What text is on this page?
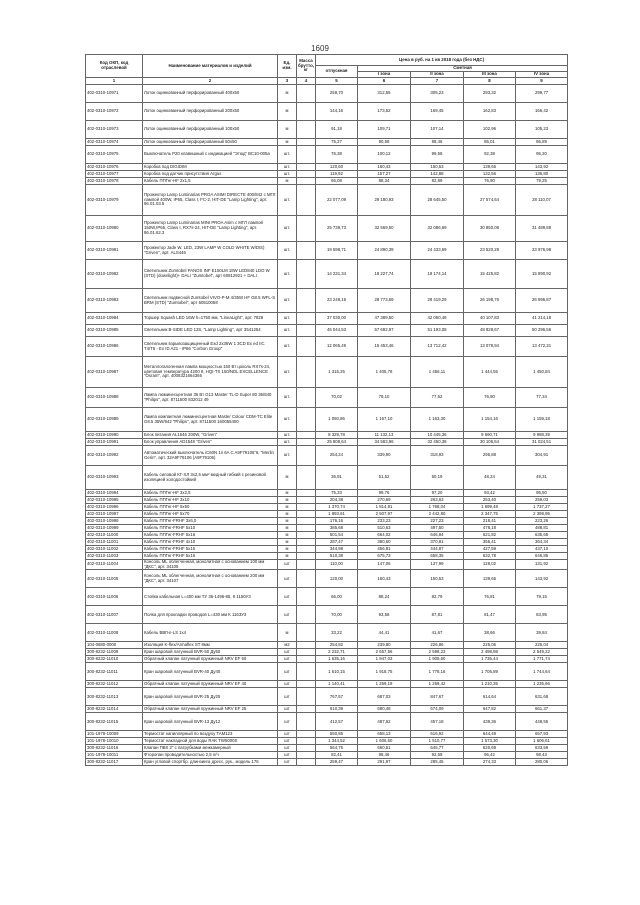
1609
Код ОКП, код отраслевой	Наименование материалов и изделий	Ед. изм.	Масса брутто, кг	Цена в руб. на 1 кв 2018 года (без НДС)				
				отпускная	Сметная			
					I зона	II зона	III зона	IV зона
1	2	3	4	5	6	7	8	9
402-0310-10971	Лоток оцинкованный перфорированный 400х50	м		259,70	312,55	305,23	293,32	299,77
402-0310-10972	Лоток оцинкованный перфорированный 200х50	м		144,16	173,52	169,45	162,83	166,42
402-0310-10973	Лоток оцинкованный перфорированный 100х50	м		91,18	109,71	107,14	102,96	105,23
402-0310-10974	Лоток оцинкованный перфорированный 50х50	м		75,27	90,59	88,46	85,01	86,89
402-0310-10975	Выключатель Р20 клавишный с индикацией "Этюд" ВС10-005а	шт.		76,38	100,12	99,58	92,38	95,20
402-0310-10976	Коробка под DIGIDIM	шт.		120,60	160,43	150,53	139,65	143,92
402-0310-10977	Коробка под датчик присутствия Argus	шт.		119,92	157,27	142,88	132,56	136,80
402-0310-10978	Кабель ППГнг-HF 2х1,5	м		65,08	88,34	82,89	76,90	79,25
402-0310-10979	Прожектор Lamp Luminarias PROA ASIMI DIRECTE 400/842 с МГЛ лампой 400W, IP65, Class I, FC-2, HIT-DE "Lamp Lighting", арт. 86.01.03.5	шт.		22 077,09	29 180,93	28 645,50	27 574,64	28 110,07
402-0310-10980	Прожектор Lamp Luminarias MINI PROA Asim с МГЛ лампой 150W,IP65, Class I, RX7s-24, HIT-DE "Lamp Lighting", арт. 86.01.62.3	шт.		25 739,73	32 569,50	32 086,69	30 850,08	31 489,88
402-0310-10981	Прожектор Jade W. LED, 23W LAMP W COLD WHITE W/DIS) "Griven", арт. ALS446	шт.		19 598,71	24 890,39	24 433,69	23 520,29	23 976,98
402-0310-10982	Светильник Zumtobel PANOS INF Е150LM 18W LED840 LDO W (STD) (downlight)+ DALI "Zumtobel", арт 60812921 + DALI	шт.		14 231,34	18 227,74	18 174,14	15 425,82	15 890,92
402-0310-10983	Светильник подвесной Zumtobel VIVO-P-M 4/35W HF G8.5 WFL-S BRM (STD) "Zumtobel", арт 60510058	шт.		23 248,19	28 773,69	28 419,29	26 198,76	26 996,87
402-0310-10984	Торшер Squash LED 16W h=1750 мм, "LineaLight", арт. 7828	шт.		37 030,00	47 389,50	42 050,48	40 107,83	41 214,18
402-0310-10985	Светильник B-SIDE LED 13S, "Lamp Lighting", арт 3541254	шт.		45 044,53	57 692,97	51 193,08	48 828,67	50 296,56
402-0310-10986	Светильник взрывозащищенный Exd 2x36W 1 3CD Ex ed IIC T4/T5 - Ex ID A21 - IP66 "Corbon Group"	шт.		12 065,49	15 453,46	13 712,42	13 078,94	13 472,31
402-0310-10987	Металлогалогенная лампа мощностью 150 Вт цоколь RX7s-24, цветовая температура 4200 К, HQI-TS 150/NDL EXCELLENCE "Osram", арт. 4008321664366	шт.		1 315,25	1 405,78	1 456,11	1 444,55	1 450,84
402-0310-10988	Лампа люминесцентная 36 Вт G13 Master TL-D Super 80 36/840 "Philips", арт. 8711500 832012 49	шт.		70,02	79,10	77,52	76,90	77,34
402-0310-10989	Лампа компактная люминесцентная Master Colour CDM-TC Elite G8.5 35W/942 "Philips", арт. 8711500 160055400	шт.		1 050,86	1 167,10	1 163,30	1 154,16	1 159,18
402-0310-10990	Блок питания AL1546 200W, "Griven"	шт.		8 329,78	11 132,13	10 445,36	9 690,71	9 988,39
402-0310-10991	Блок управления AD1548 "Griven"	шт.		25 808,64	34 583,96	32 450,38	30 106,54	31 024,51
402-0310-10992	Автоматический выключатель iC60N 1п 6A C A9F79106"6, "Merlin Gerin", арт. 32A9F79106 (A9F79106)	шт.		254,24	339,90	318,93	295,88	304,91
402-0310-10993	Кабель силовой КГ-ХЛ 3х2,5 мм² медный гибкий с резиновой изоляцией холодостойкий	м		36,91	51,52	50,19	48,24	49,31
402-0310-10994	Кабель ППГнг-HF 3х2,5	м		75,33	99,76	97,20	93,42	95,50
402-0310-10995	Кабель ППГнг-HF 3х10	м		204,38	270,69	263,63	253,40	259,03
402-0310-10996	Кабель ППГнг-HF 5х50	м		1 370,74	1 814,81	1 768,04	1 699,48	1 737,27
402-0310-10997	Кабель ППГнг-HF 5х70	м		1 893,61	2 507,97	2 442,80	2 347,75	2 399,95
402-0310-10998	Кабель ППГнг-FRHF 3х6,0	м		176,16	233,23	227,23	218,41	223,26
402-0310-10999	Кабель ППГнг-FRHF 5х10	м		385,68	510,63	497,50	478,18	488,81
402-0310-11000	Кабель ППГнг-FRHF 5х16	м		501,54	664,02	646,94	621,82	635,65
402-0310-11001	Кабель ППГнг-FRHF 4х10	м		287,47	380,60	370,81	356,41	364,34
402-0310-11002	Кабель ППГнг-FRHF 5х15	м		344,98	456,81	444,87	427,59	437,10
402-0310-11003	Кабель ППГнг-FRHF 5х16	м		510,38	675,73	658,35	632,78	646,85
402-0310-11004	Консоль ML облегченная, монолитная с основанием 100 мм "ДКС", арт. 34105	шт		110,00	147,06	137,99	128,02	131,92
402-0310-11005	Консоль ML облегченная, монолитная с основанием 200 мм "ДКС", арт. 34107	шт		120,00	160,43	150,53	139,65	143,92
402-0310-11006	Стойка кабельная L=400 мм ТУ 36-1496-85, К 1150У3	шт		66,00	88,24	82,79	76,81	79,15
402-0310-11007	Полка для прокладки проводов L=430 мм К 1163У3	шт		70,00	93,58	87,81	81,47	83,95
402-0310-11008	Кабель ВВГнг-LS 1х4	м		33,22	44,41	41,67	38,66	39,84
104-0680-0000	Изоляция K-flex/Armaflex ST 8мм	м2		254,82	239,80	226,86	225,06	226,04
300-8232-11009	Кран шаровой латунный BVR-50 Ду50	шт		2 232,71	2 657,56	2 598,23	2 498,98	2 549,22
300-8232-11010	Обратный клапан латунный пружинный NRV EF 50	шт		1 635,16	1 947,03	1 905,60	1 735,44	1 771,74
300-8232-11011	Кран шаровой латунный BVR-40 Ду40	шт		1 610,15	1 918,75	1 778,16	1 705,89	1 744,64
300-8232-11012	Обратный клапан латунный пружинный NRV EF 40	шт		1 140,41	1 269,19	1 259,42	1 210,35	1 235,66
300-8232-11013	Кран шаровой латунный BVR-25 Ду25	шт		767,57	687,03	847,67	614,64	631,68
300-8232-11014	Обратный клапан латунный пружинный NRV EF 25	шт		610,39	680,48	674,09	647,82	661,37
300-8232-11015	Кран шаровой латунный BVR-13 Ду12	шт		412,57	487,62	457,18	439,36	448,55
101-1978-10009	Термостат капиллярный по воздуху TAM123	шт		550,85	658,13	616,92	644,49	657,93
101-1978-10010	Термостат накладной для воды RAK TW5000S	шт		1 344,52	1 606,60	1 510,77	1 573,30	1 606,61
300-8232-11016	Клапан ПВХ 2" с патрубками межкамерный	шт		564,75	660,51	645,77	620,69	633,59
101-1978-10011	Фторопан проводительностью 2,5 л/ч	шт		82,41	98,46	92,59	96,42	98,43
300-8232-11017	Кран угловой спортбр. длинзинга дресс, рук., модель 176	шт		259,47	291,97	285,45	274,33	280,06
